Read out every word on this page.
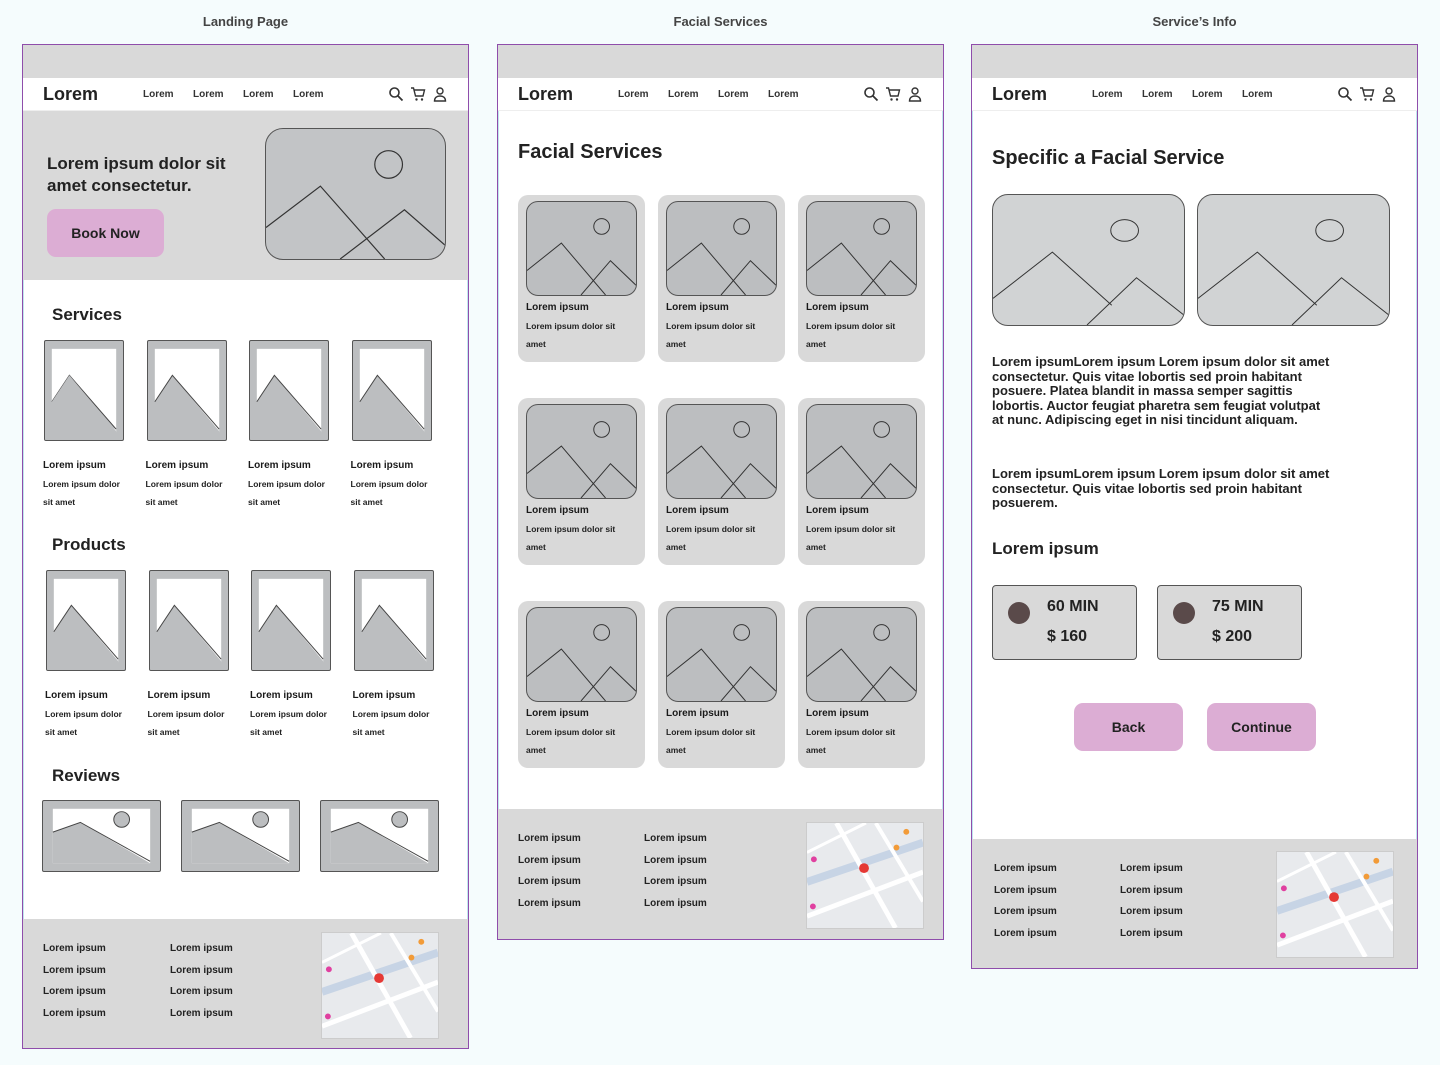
Landing Page	Facial Services	Service’s Info
Lorem	Lorem Lorem Lorem Lorem
Lorem ipsum dolor sit amet consectetur.
Book Now
Services
Lorem ipsum
Lorem ipsum dolor sit amet
Lorem ipsum
Lorem ipsum dolor sit amet
Lorem ipsum
Lorem ipsum dolor sit amet
Lorem ipsum
Lorem ipsum dolor sit amet
Products
Lorem ipsum
Lorem ipsum dolor sit amet
Lorem ipsum
Lorem ipsum dolor sit amet
Lorem ipsum
Lorem ipsum dolor sit amet
Lorem ipsum
Lorem ipsum dolor sit amet
Reviews
Lorem ipsum
Lorem ipsum
Lorem ipsum
Lorem ipsum
Lorem ipsum
Lorem ipsum
Lorem ipsum
Lorem ipsum
Lorem	Lorem Lorem Lorem Lorem
Facial Services
Lorem ipsum
Lorem ipsum dolor sit amet
Lorem ipsum
Lorem ipsum dolor sit amet
Lorem ipsum
Lorem ipsum dolor sit amet
Lorem ipsum
Lorem ipsum dolor sit amet
Lorem ipsum
Lorem ipsum dolor sit amet
Lorem ipsum
Lorem ipsum dolor sit amet
Lorem ipsum
Lorem ipsum dolor sit amet
Lorem ipsum
Lorem ipsum dolor sit amet
Lorem ipsum
Lorem ipsum dolor sit amet
Lorem ipsum
Lorem ipsum
Lorem ipsum
Lorem ipsum
Lorem ipsum
Lorem ipsum
Lorem ipsum
Lorem ipsum
Lorem	Lorem Lorem Lorem Lorem
Specific a Facial Service
Lorem ipsumLorem ipsum Lorem ipsum dolor sit amet consectetur. Quis vitae lobortis sed proin habitant posuere. Platea blandit in massa semper sagittis lobortis. Auctor feugiat pharetra sem feugiat volutpat at nunc. Adipiscing eget in nisi tincidunt aliquam.
Lorem ipsumLorem ipsum Lorem ipsum dolor sit amet consectetur. Quis vitae lobortis sed proin habitant posuerem.
Lorem ipsum
60 MIN
$ 160
75 MIN
$ 200
Back	Continue
Lorem ipsum
Lorem ipsum
Lorem ipsum
Lorem ipsum
Lorem ipsum
Lorem ipsum
Lorem ipsum
Lorem ipsum
